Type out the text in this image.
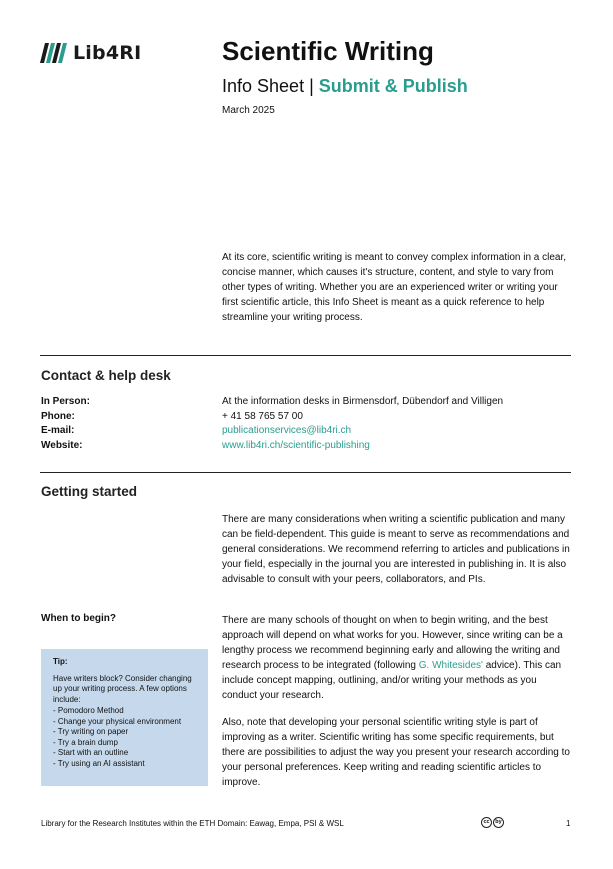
Lib4RI	Scientific Writing
Info Sheet | Submit & Publish
March 2025
At its core, scientific writing is meant to convey complex information in a clear, concise manner, which causes it's structure, content, and style to vary from other types of writing. Whether you are an experienced writer or writing your first scientific article, this Info Sheet is meant as a quick reference to help streamline your writing process.
Contact & help desk
In Person:	At the information desks in Birmensdorf, Dübendorf and Villigen
Phone:	+ 41 58 765 57 00
E-mail:	publicationservices@lib4ri.ch
Website:	www.lib4ri.ch/scientific-publishing
Getting started
There are many considerations when writing a scientific publication and many can be field-dependent. This guide is meant to serve as recommendations and general considerations. We recommend referring to articles and publications in your field, especially in the journal you are interested in publishing in. It is also advisable to consult with your peers, collaborators, and PIs.
When to begin?	There are many schools of thought on when to begin writing, and the best approach will depend on what works for you. However, since writing can be a lengthy process we recommend beginning early and allowing the writing and research process to be integrated (following G. Whitesides' advice). This can include concept mapping, outlining, and/or writing your methods as you conduct your research.
Also, note that developing your personal scientific writing style is part of improving as a writer. Scientific writing has some specific requirements, but there are possibilities to adjust the way you present your research according to your personal preferences. Keep writing and reading scientific articles to improve.
Tip:
Have writers block? Consider changing up your writing process. A few options include:
- Pomodoro Method
- Change your physical environment
- Try writing on paper
- Try a brain dump
- Start with an outline
- Try using an AI assistant
Library for the Research Institutes within the ETH Domain: Eawag, Empa, PSI & WSL	cc	by	1
